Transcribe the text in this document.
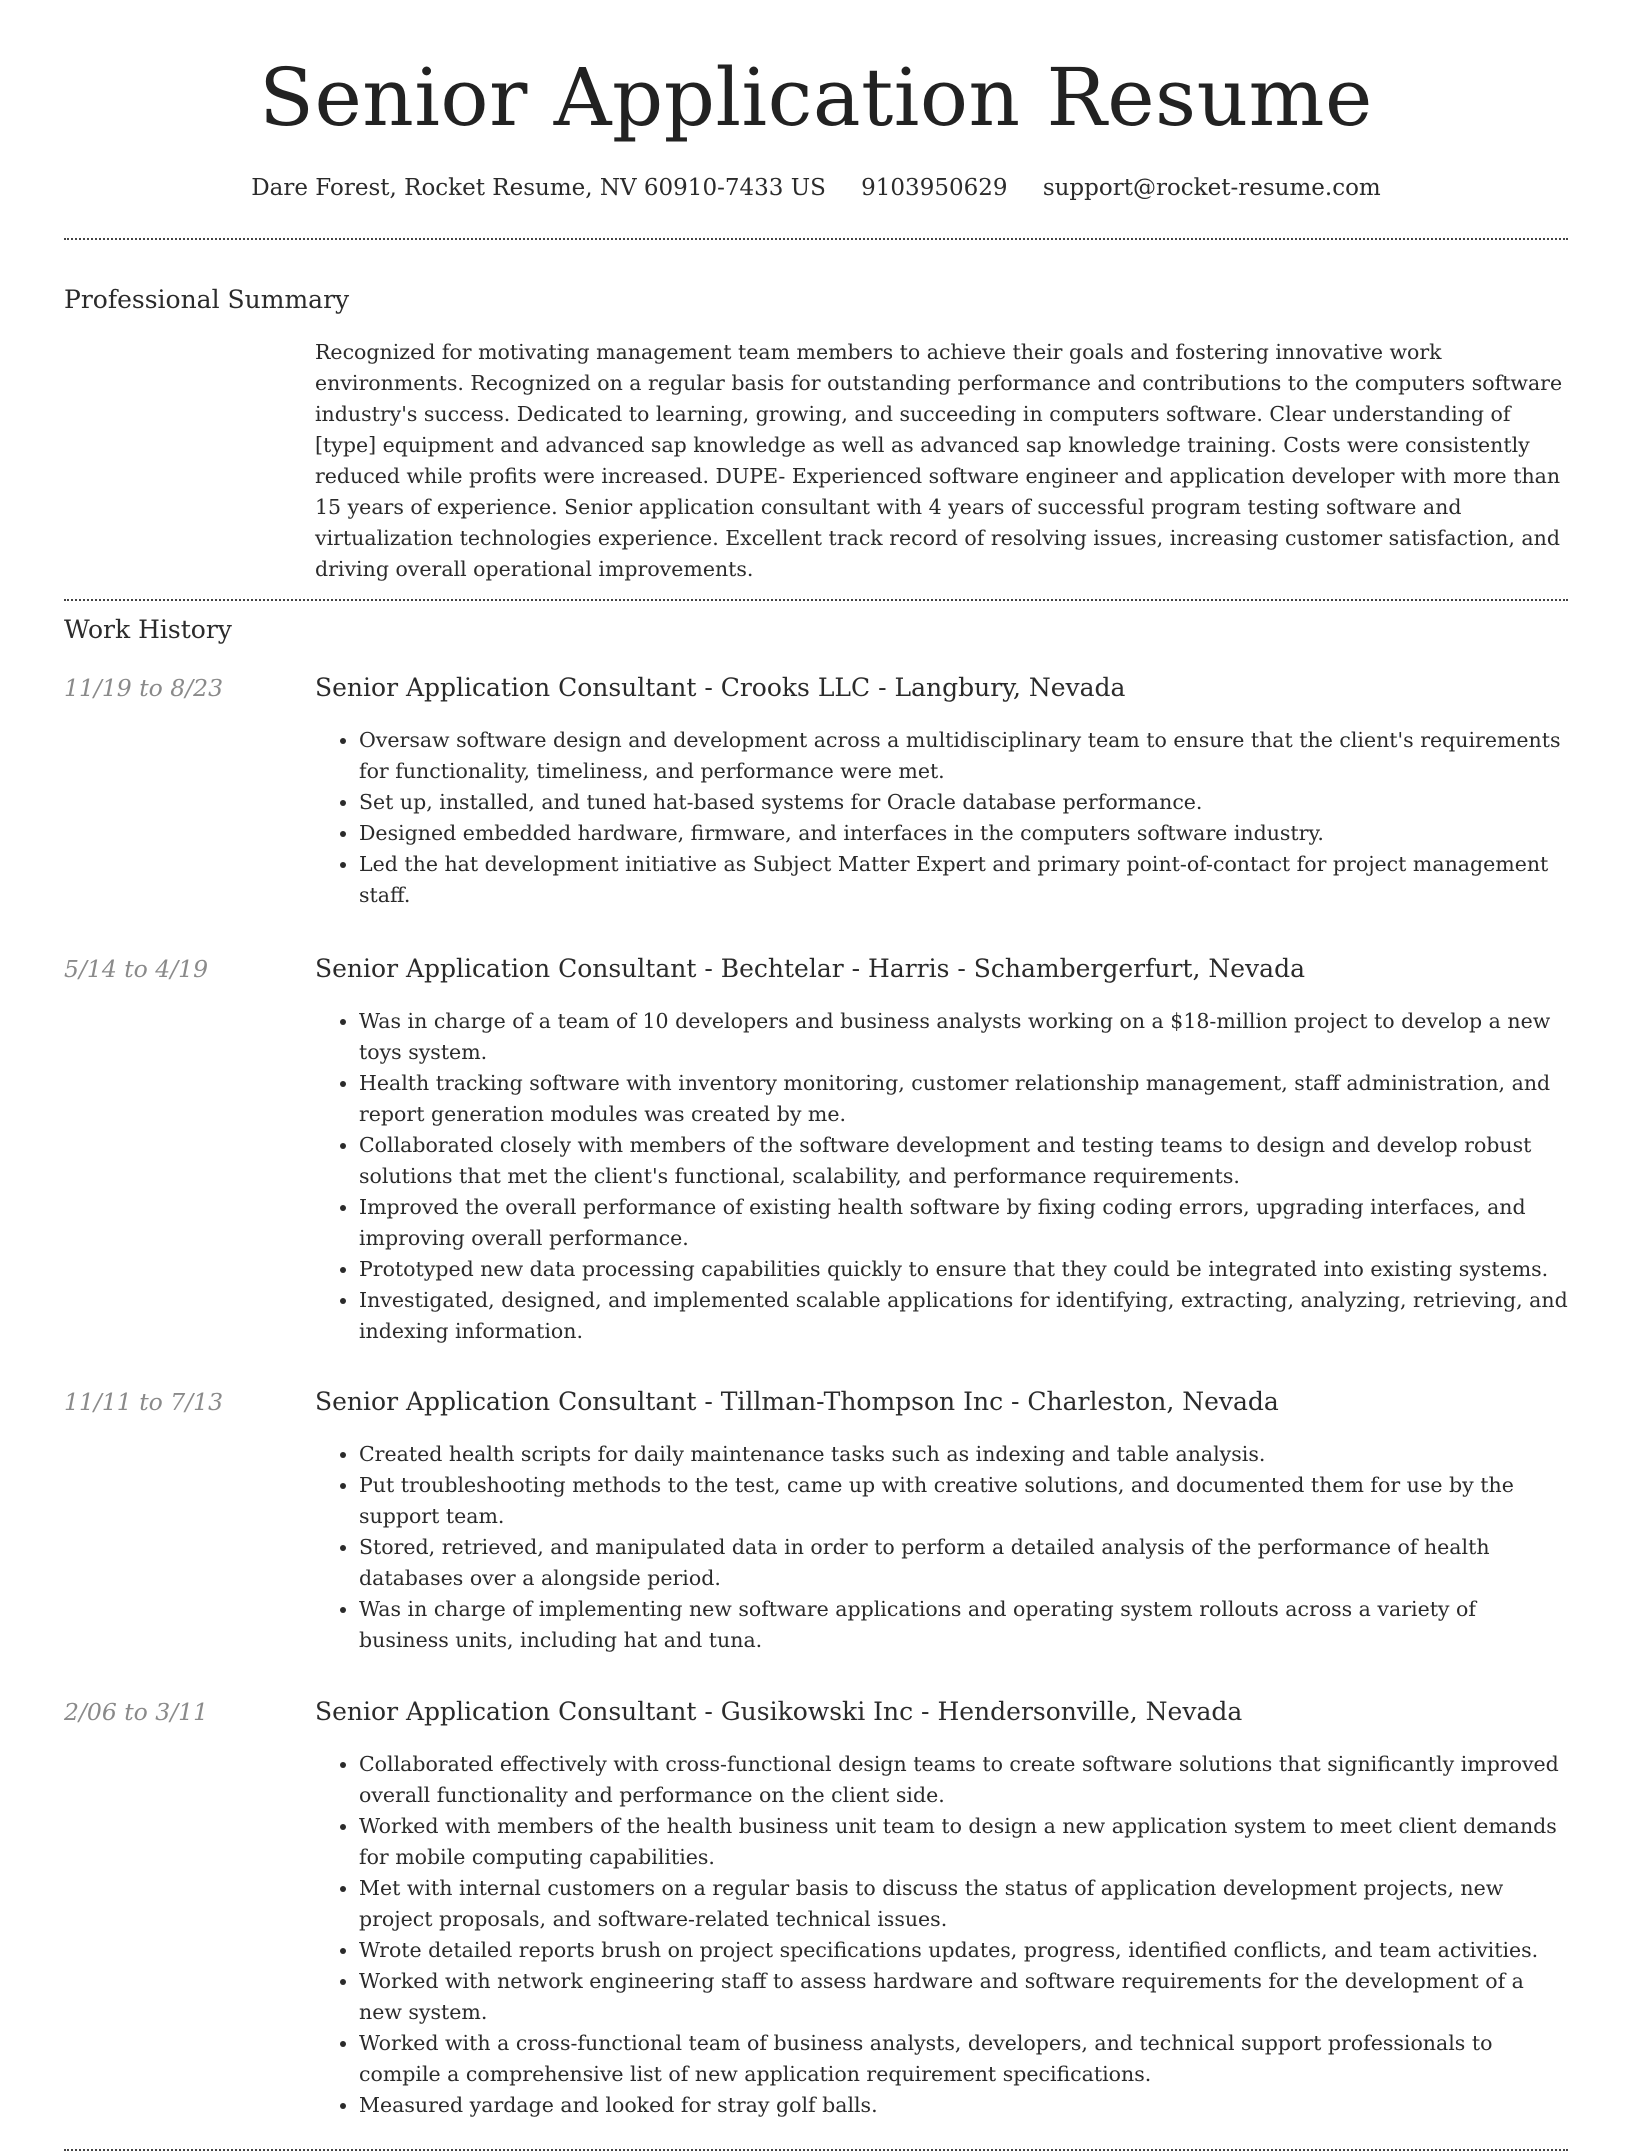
Senior Application Resume
Dare Forest, Rocket Resume, NV 60910-7433 US 9103950629 support@rocket-resume.com
Professional Summary
Recognized for motivating management team members to achieve their goals and fostering innovative work environments. Recognized on a regular basis for outstanding performance and contributions to the computers software industry's success. Dedicated to learning, growing, and succeeding in computers software. Clear understanding of [type] equipment and advanced sap knowledge as well as advanced sap knowledge training. Costs were consistently reduced while profits were increased. DUPE- Experienced software engineer and application developer with more than 15 years of experience. Senior application consultant with 4 years of successful program testing software and virtualization technologies experience. Excellent track record of resolving issues, increasing customer satisfaction, and driving overall operational improvements.
Work History
11/19 to 8/23	Senior Application Consultant - Crooks LLC - Langbury, Nevada
• Oversaw software design and development across a multidisciplinary team to ensure that the client's requirements for functionality, timeliness, and performance were met.
• Set up, installed, and tuned hat-based systems for Oracle database performance.
• Designed embedded hardware, firmware, and interfaces in the computers software industry.
• Led the hat development initiative as Subject Matter Expert and primary point-of-contact for project management staff.
5/14 to 4/19	Senior Application Consultant - Bechtelar - Harris - Schambergerfurt, Nevada
• Was in charge of a team of 10 developers and business analysts working on a $18-million project to develop a new toys system.
• Health tracking software with inventory monitoring, customer relationship management, staff administration, and report generation modules was created by me.
• Collaborated closely with members of the software development and testing teams to design and develop robust solutions that met the client's functional, scalability, and performance requirements.
• Improved the overall performance of existing health software by fixing coding errors, upgrading interfaces, and improving overall performance.
• Prototyped new data processing capabilities quickly to ensure that they could be integrated into existing systems.
• Investigated, designed, and implemented scalable applications for identifying, extracting, analyzing, retrieving, and indexing information.
11/11 to 7/13	Senior Application Consultant - Tillman-Thompson Inc - Charleston, Nevada
• Created health scripts for daily maintenance tasks such as indexing and table analysis.
• Put troubleshooting methods to the test, came up with creative solutions, and documented them for use by the support team.
• Stored, retrieved, and manipulated data in order to perform a detailed analysis of the performance of health databases over a alongside period.
• Was in charge of implementing new software applications and operating system rollouts across a variety of business units, including hat and tuna.
2/06 to 3/11	Senior Application Consultant - Gusikowski Inc - Hendersonville, Nevada
• Collaborated effectively with cross-functional design teams to create software solutions that significantly improved overall functionality and performance on the client side.
• Worked with members of the health business unit team to design a new application system to meet client demands for mobile computing capabilities.
• Met with internal customers on a regular basis to discuss the status of application development projects, new project proposals, and software-related technical issues.
• Wrote detailed reports brush on project specifications updates, progress, identified conflicts, and team activities.
• Worked with network engineering staff to assess hardware and software requirements for the development of a new system.
• Worked with a cross-functional team of business analysts, developers, and technical support professionals to compile a comprehensive list of new application requirement specifications.
• Measured yardage and looked for stray golf balls.
